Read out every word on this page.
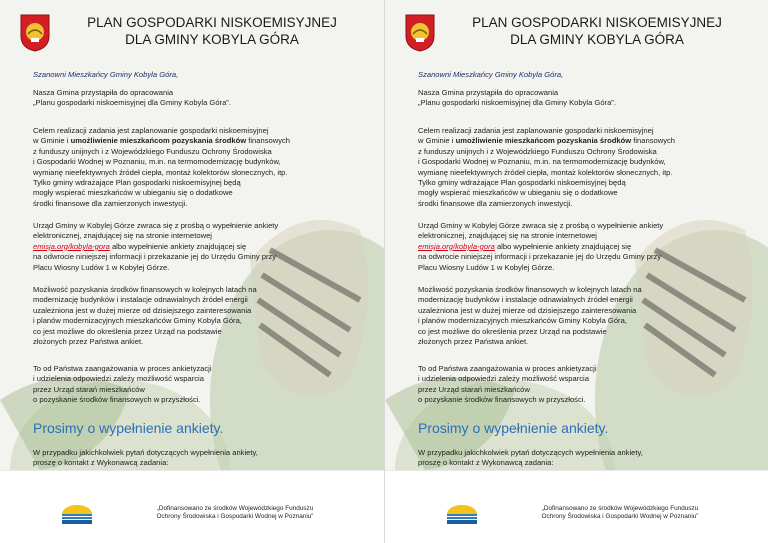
PLAN GOSPODARKI NISKOEMISYJNEJ
DLA GMINY KOBYLA GÓRA
Szanowni Mieszkańcy Gminy Kobyla Góra,
Nasza Gmina przystąpiła do opracowania
„Planu gospodarki niskoemisyjnej dla Gminy Kobyla Góra”.
Celem realizacji zadania jest zaplanowanie gospodarki niskoemisyjnej
w Gminie i umożliwienie mieszkańcom pozyskania środków finansowych
z funduszy unijnych i z Wojewódzkiego Funduszu Ochrony Środowiska
i Gospodarki Wodnej w Poznaniu, m.in. na termomodernizację budynków,
wymianę nieefektywnych źródeł ciepła, montaż kolektorów słonecznych, itp.
Tylko gminy wdrażające Plan gospodarki niskoemisyjnej będą
mogły wspierać mieszkańców w ubieganiu się o dodatkowe
środki finansowe dla zamierzonych inwestycji.
Urząd Gminy w Kobylej Górze zwraca się z prośbą o wypełnienie ankiety
elektronicznej, znajdującej się na stronie internetowej
emisja.org/kobyla-gora albo wypełnienie ankiety znajdującej się
na odwrocie niniejszej informacji i przekazanie jej do Urzędu Gminy przy
Placu Wiosny Ludów 1 w Kobylej Górze.
Możliwość pozyskania środków finansowych w kolejnych latach na
modernizację budynków i instalacje odnawialnych źródeł energii
uzależniona jest w dużej mierze od dzisiejszego zainteresowania
i planów modernizacyjnych mieszkańców Gminy Kobyla Góra,
co jest możliwe do określenia przez Urząd na podstawie
złożonych przez Państwa ankiet.
To od Państwa zaangażowania w proces ankietyzacji
i udzielenia odpowiedzi zależy możliwość wsparcia
przez Urząd starań mieszkańców
o pozyskanie środków finansowych w przyszłości.
Prosimy o wypełnienie ankiety.
W przypadku jakichkolwiek pytań dotyczących wypełnienia ankiety,
proszę o kontakt z Wykonawcą zadania:
„Dofinansowano ze środków Wojewódzkiego Funduszu
Ochrony Środowiska i Gospodarki Wodnej w Poznaniu”
PLAN GOSPODARKI NISKOEMISYJNEJ
DLA GMINY KOBYLA GÓRA
Szanowni Mieszkańcy Gminy Kobyla Góra,
Nasza Gmina przystąpiła do opracowania
„Planu gospodarki niskoemisyjnej dla Gminy Kobyla Góra”.
Celem realizacji zadania jest zaplanowanie gospodarki niskoemisyjnej
w Gminie i umożliwienie mieszkańcom pozyskania środków finansowych
z funduszy unijnych i z Wojewódzkiego Funduszu Ochrony Środowiska
i Gospodarki Wodnej w Poznaniu, m.in. na termomodernizację budynków,
wymianę nieefektywnych źródeł ciepła, montaż kolektorów słonecznych, itp.
Tylko gminy wdrażające Plan gospodarki niskoemisyjnej będą
mogły wspierać mieszkańców w ubieganiu się o dodatkowe
środki finansowe dla zamierzonych inwestycji.
Urząd Gminy w Kobylej Górze zwraca się z prośbą o wypełnienie ankiety
elektronicznej, znajdującej się na stronie internetowej
emisja.org/kobyla-gora albo wypełnienie ankiety znajdującej się
na odwrocie niniejszej informacji i przekazanie jej do Urzędu Gminy przy
Placu Wiosny Ludów 1 w Kobylej Górze.
Możliwość pozyskania środków finansowych w kolejnych latach na
modernizację budynków i instalacje odnawialnych źródeł energii
uzależniona jest w dużej mierze od dzisiejszego zainteresowania
i planów modernizacyjnych mieszkańców Gminy Kobyla Góra,
co jest możliwe do określenia przez Urząd na podstawie
złożonych przez Państwa ankiet.
To od Państwa zaangażowania w proces ankietyzacji
i udzielenia odpowiedzi zależy możliwość wsparcia
przez Urząd starań mieszkańców
o pozyskanie środków finansowych w przyszłości.
Prosimy o wypełnienie ankiety.
W przypadku jakichkolwiek pytań dotyczących wypełnienia ankiety,
proszę o kontakt z Wykonawcą zadania:
„Dofinansowano ze środków Wojewódzkiego Funduszu
Ochrony Środowiska i Gospodarki Wodnej w Poznaniu”
